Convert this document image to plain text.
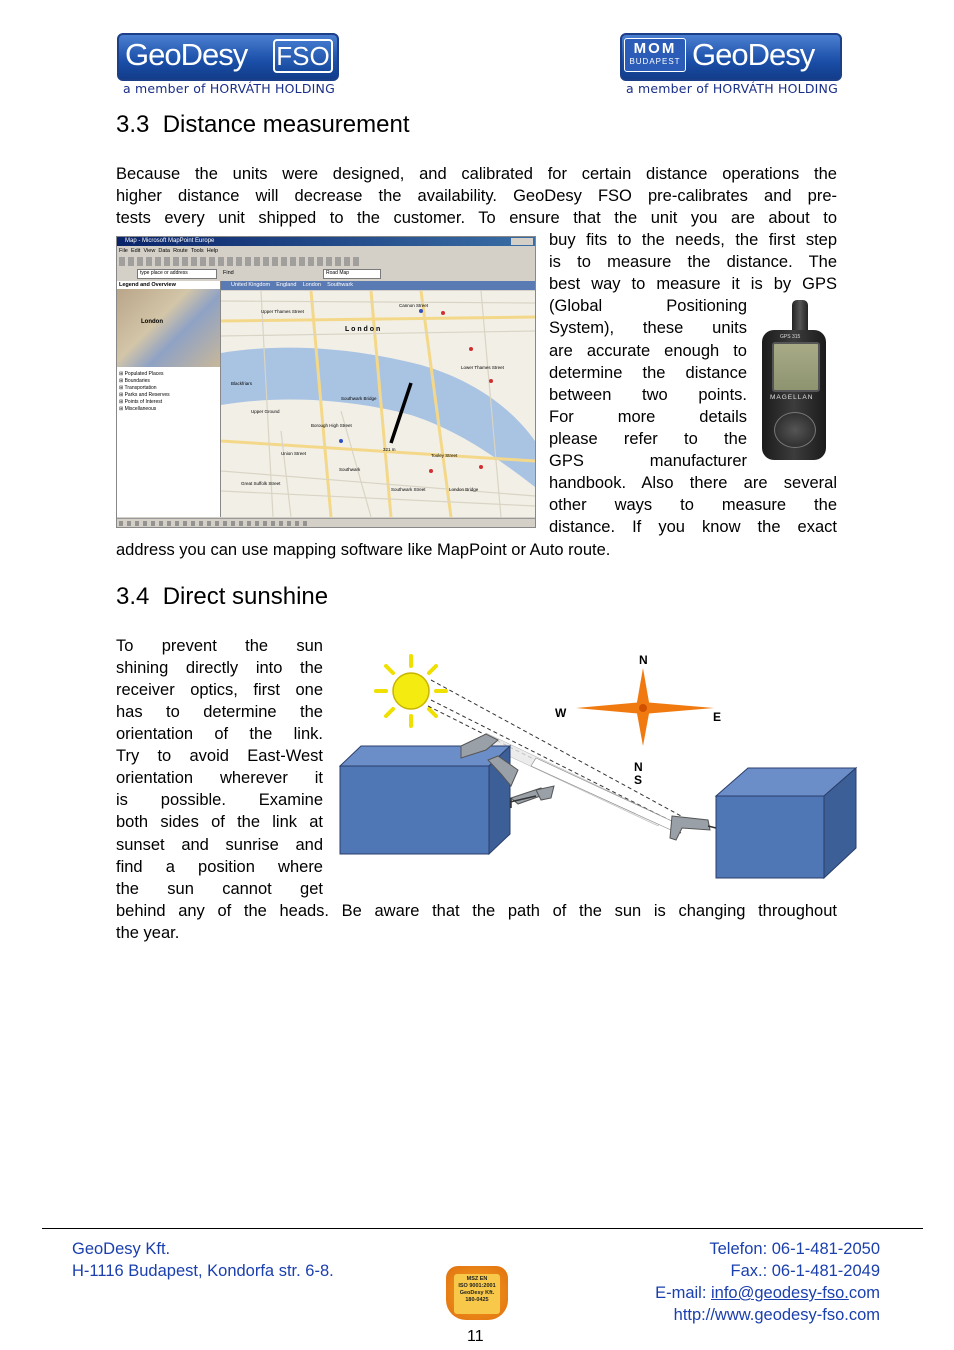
GeoDesy FSO
a member of HORVÁTH HOLDING
MOM
BUDAPEST GeoDesy
a member of HORVÁTH HOLDING
3.3 Distance measurement
Because the units were designed, and calibrated for certain distance operations the
higher distance will decrease the availability. GeoDesy FSO pre-calibrates and pre-
tests every unit shipped to the customer. To ensure that the unit you are about to
buy fits to the needs, the first step
is to measure the distance. The
best way to measure it is by GPS
(Global Positioning
System), these units
are accurate enough to
determine the distance
between two points.
For more details
please refer to the
GPS manufacturer
handbook. Also there are several
other ways to measure the
distance. If you know the exact
address you can use mapping software like MapPoint or Auto route.
Map - Microsoft MapPoint Europe
File Edit View Data Route Tools Help
type place or address	Find	Road Map
Legend and Overview
London
⊞ Populated Places
⊞ Boundaries
⊞ Transportation
⊞ Parks and Reserves
⊞ Points of Interest
⊞ Miscellaneous
United Kingdom England London Southwark
L o n d o n
Upper Thames Street
Upper Ground
Southwark
Blackfriars
Cannon Street
Lower Thames Street
Tooley Street
Borough High Street
Southwark Street
Union Street
Great Suffolk Street
Southwark Bridge
London Bridge
321 m
GPS 315
MAGELLAN
3.4 Direct sunshine
To prevent the sun
shining directly into the
receiver optics, first one
has to determine the
orientation of the link.
Try to avoid East-West
orientation wherever it
is possible. Examine
both sides of the link at
sunset and sunrise and
find a position where
the sun cannot get
behind any of the heads. Be aware that the path of the sun is changing throughout
the year.
N
W	E
N
S
GeoDesy Kft.
H-1116 Budapest, Kondorfa str. 6-8.
Telefon: 06-1-481-2050
Fax.: 06-1-481-2049
E-mail: info@geodesy-fso.com
http://www.geodesy-fso.com
MSZ EN
ISO 9001:2001
GeoDesy Kft.
180-0425
11
